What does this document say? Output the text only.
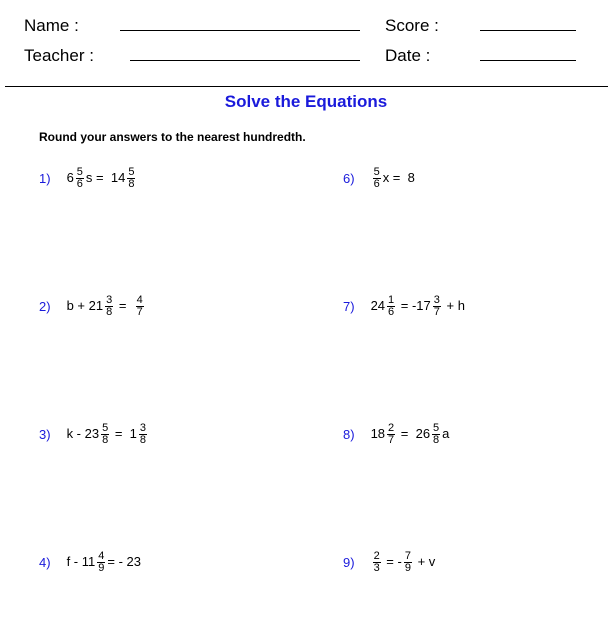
Name :	Score :
Teacher :	Date :
Solve the Equations
Round your answers to the nearest hundredth.
1) $6 \frac{5}{6}$ $s = 14 \frac{5}{8}$
2) $b + 21 \frac{3}{8} = \frac{4}{7}$
3) $k - 23 \frac{5}{8} = 1 \frac{3}{8}$
4) f - $11 \frac{4}{9}$ = - 23
$6) \frac{5}{6}$ x =  8
7) $24 \frac{1}{6} = -17 \frac{3}{7} + h$
8) $18 \frac{2}{7} = 26 \frac{5}{8}$ a
$9) \frac{2}{3}$ = - $\frac{7}{9} + v$
